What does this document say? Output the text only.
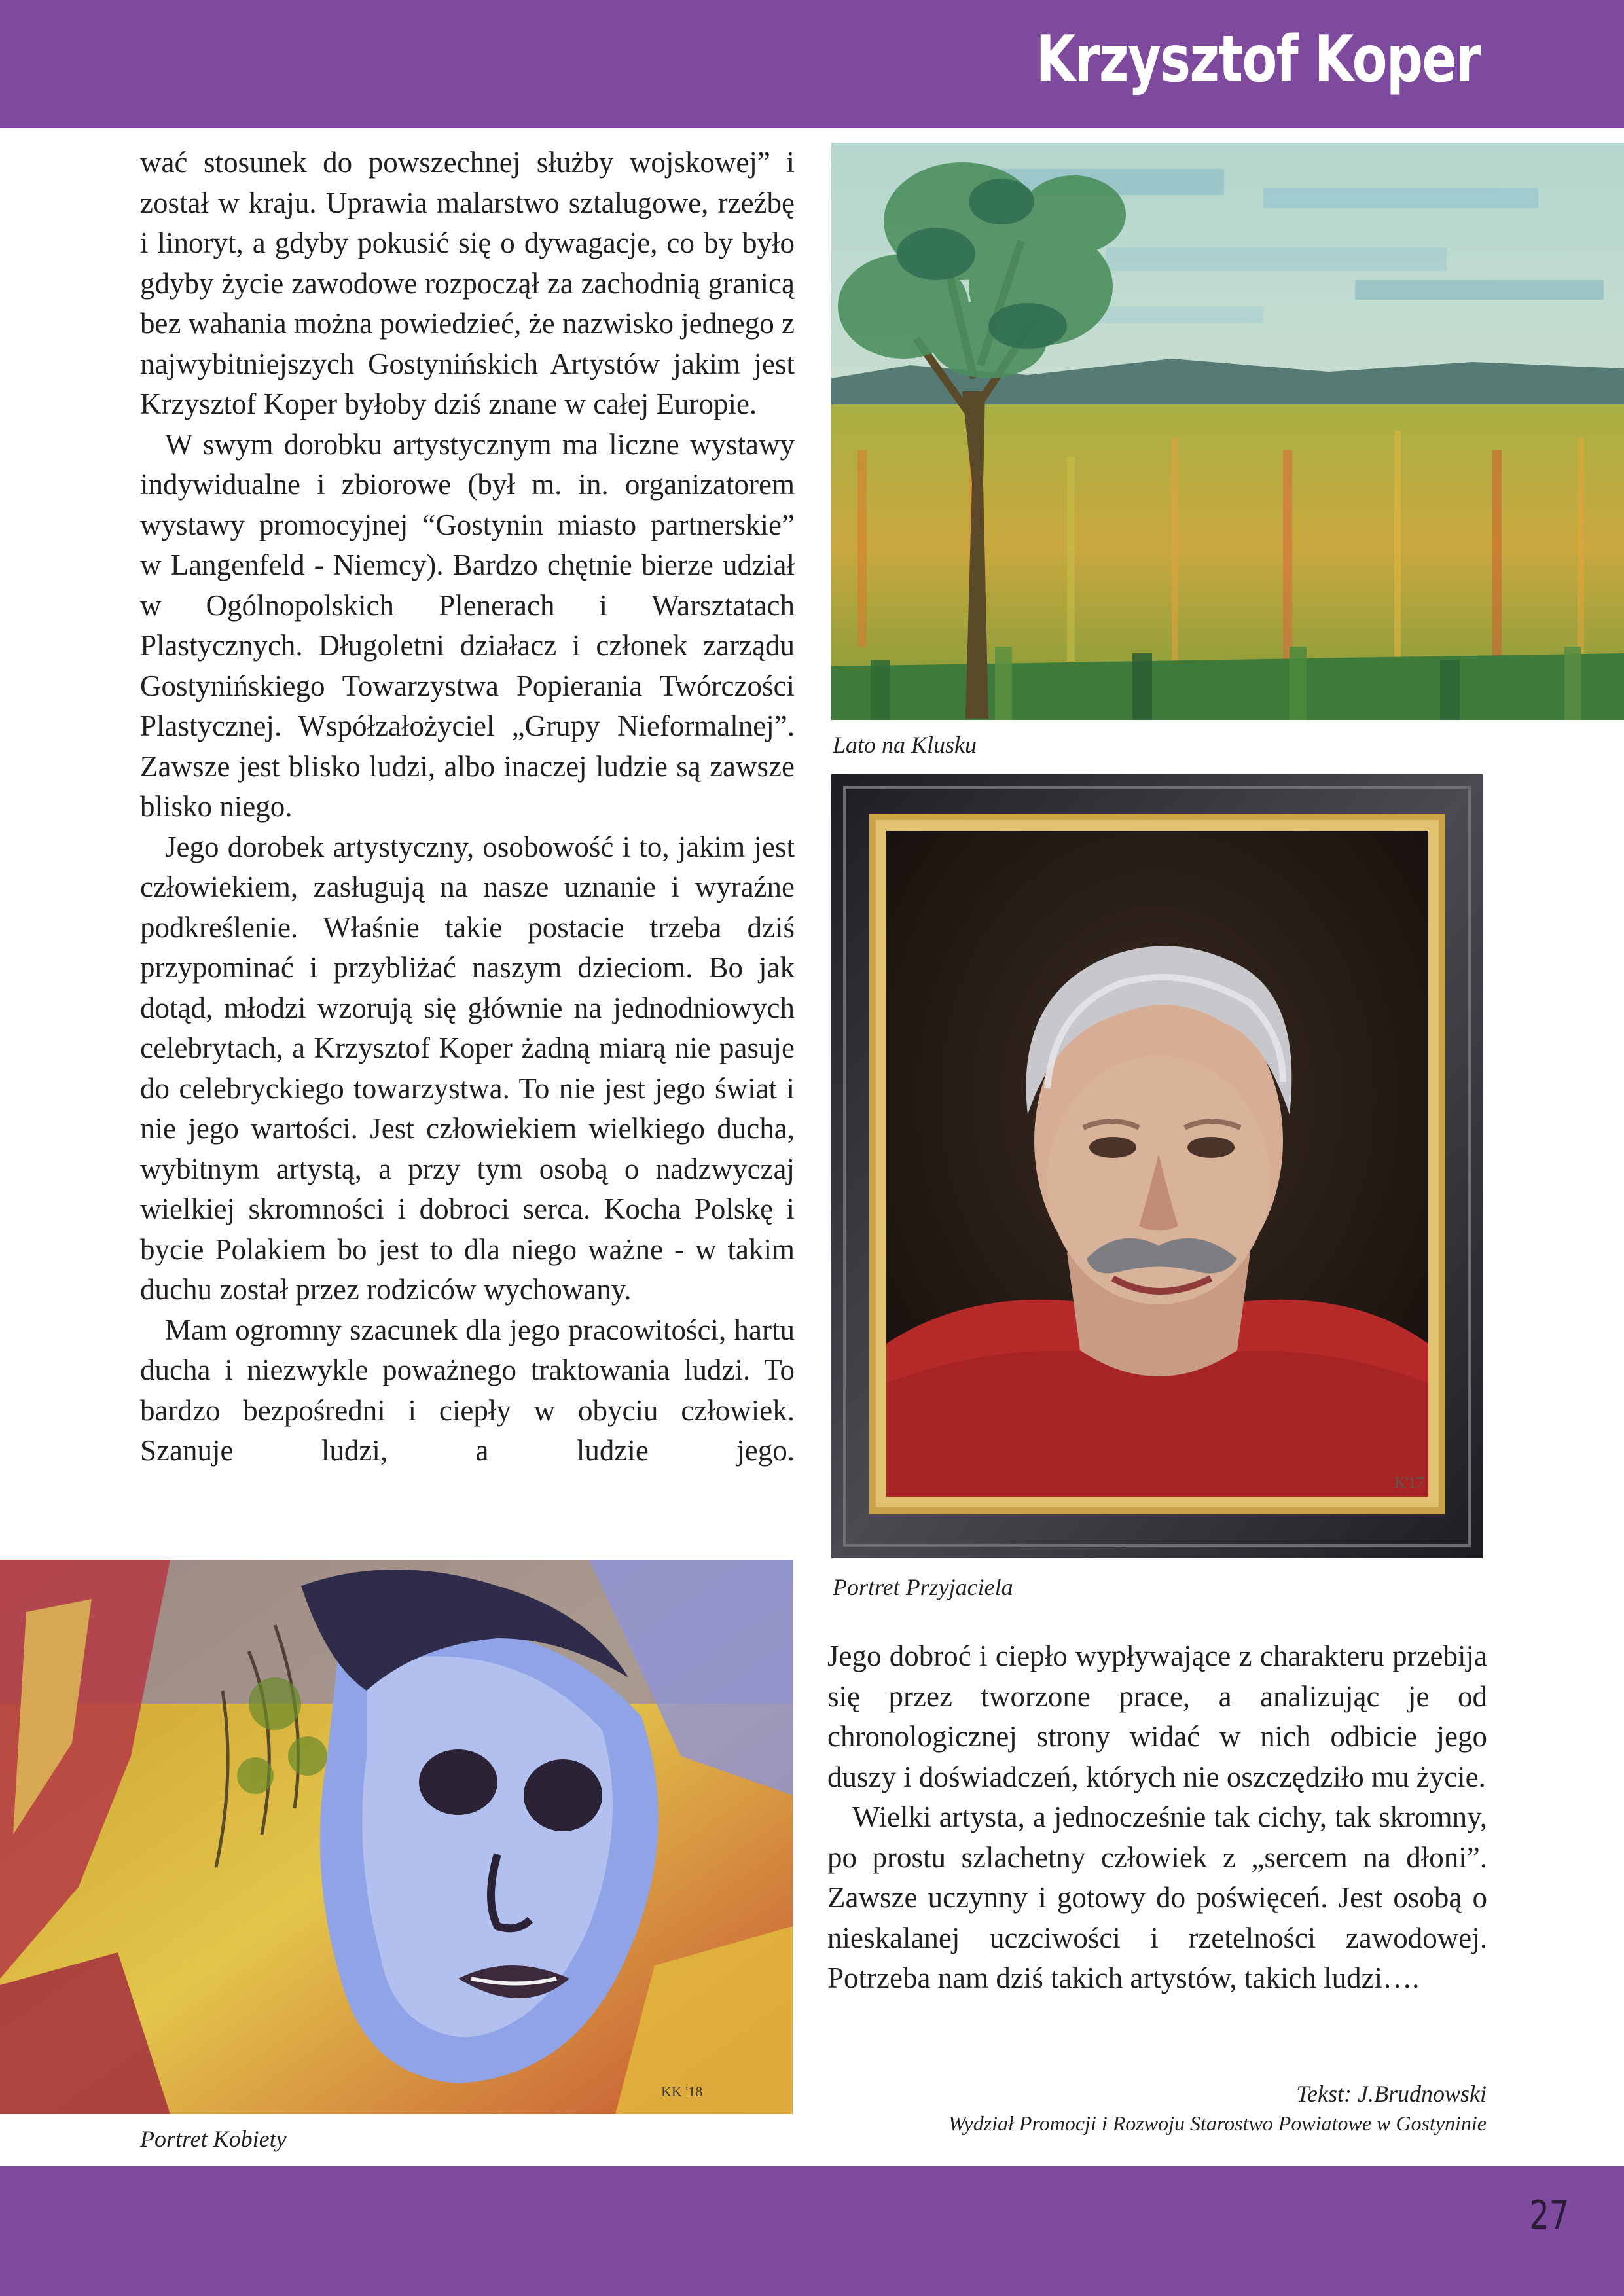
Krzysztof Koper

wać stosunek do powszechnej służby wojskowej” i został w kraju. Uprawia malarstwo sztalugowe, rzeźbę i linoryt, a gdyby pokusić się o dywagacje, co by było gdyby życie zawodowe rozpoczął za zachodnią granicą bez wahania można powiedzieć, że nazwisko jednego z najwybitniejszych Gostynińskich Artystów jakim jest Krzysztof Koper byłoby dziś znane w całej Europie.

W swym dorobku artystycznym ma liczne wystawy indywidualne i zbiorowe (był m. in. organizatorem wystawy promocyjnej “Gostynin miasto partnerskie” w Langenfeld - Niemcy). Bardzo chętnie bierze udział w Ogólnopolskich Plenerach i Warsztatach Plastycznych. Długoletni działacz i członek zarządu Gostynińskiego Towarzystwa Popierania Twórczości Plastycznej. Współzałożyciel „Grupy Nieformalnej”. Zawsze jest blisko ludzi, albo inaczej ludzie są zawsze blisko niego.

Jego dorobek artystyczny, osobowość i to, jakim jest człowiekiem, zasługują na nasze uznanie i wyraźne podkreślenie. Właśnie takie postacie trzeba dziś przypominać i przybliżać naszym dzieciom. Bo jak dotąd, młodzi wzorują się głównie na jednodniowych celebrytach, a Krzysztof Koper żadną miarą nie pasuje do celebryckiego towarzystwa. To nie jest jego świat i nie jego wartości. Jest człowiekiem wielkiego ducha, wybitnym artystą, a przy tym osobą o nadzwyczaj wielkiej skromności i dobroci serca. Kocha Polskę i bycie Polakiem bo jest to dla niego ważne - w takim duchu został przez rodziców wychowany.

Mam ogromny szacunek dla jego pracowitości, hartu ducha i niezwykle poważnego traktowania ludzi. To bardzo bezpośredni i ciepły w obyciu człowiek. Szanuje ludzi, a ludzie jego.

Lato na Klusku
K'17
Portret Przyjaciela
KK '18
Portret Kobiety

Jego dobroć i ciepło wypływające z charakteru przebija się przez tworzone prace, a analizując je od chronologicznej strony widać w nich odbicie jego duszy i doświadczeń, których nie oszczędziło mu życie.

Wielki artysta, a jednocześnie tak cichy, tak skromny, po prostu szlachetny człowiek z „sercem na dłoni”. Zawsze uczynny i gotowy do poświęceń. Jest osobą o nieskalanej uczciwości i rzetelności zawodowej. Potrzeba nam dziś takich artystów, takich ludzi….

Tekst: J.Brudnowski
Wydział Promocji i Rozwoju Starostwo Powiatowe w Gostyninie
27
